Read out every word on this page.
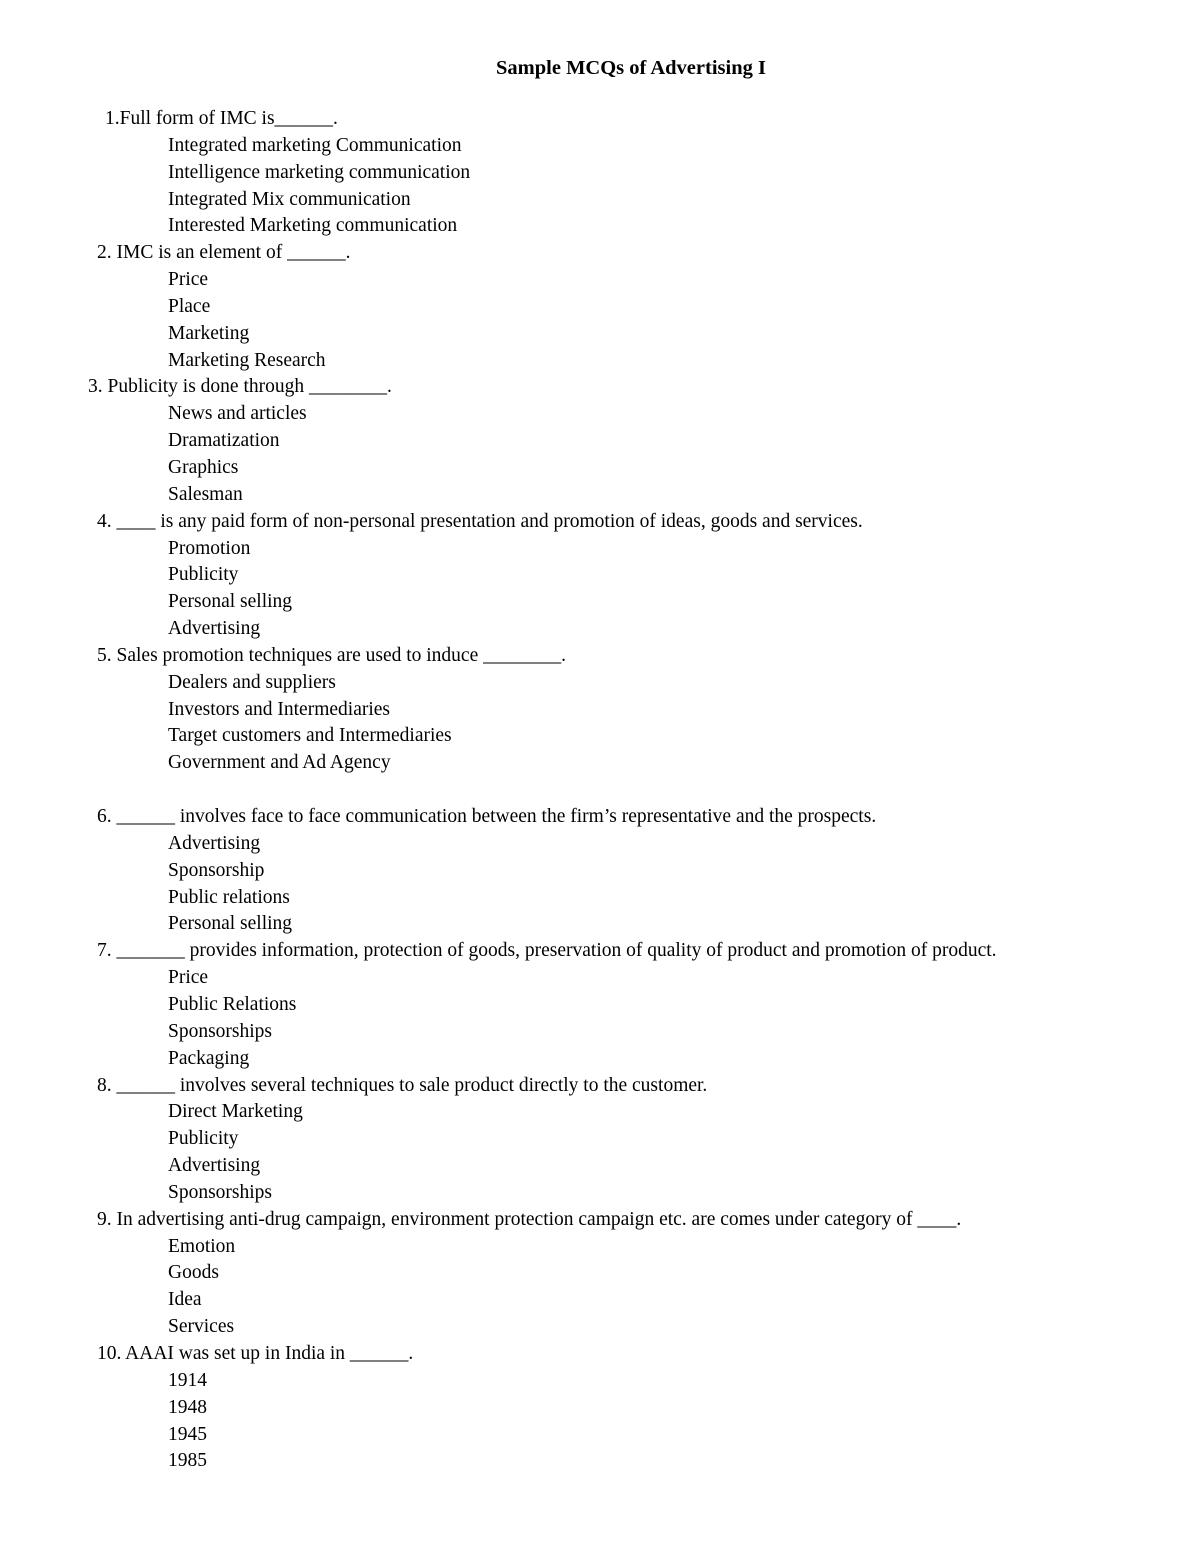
Sample MCQs of Advertising I
1.Full form of IMC is______.
Integrated marketing Communication
Intelligence marketing communication
Integrated Mix communication
Interested Marketing communication
2. IMC is an element of ______.
Price
Place
Marketing
Marketing Research
3. Publicity is done through ________.
News and articles
Dramatization
Graphics
Salesman
4. ____ is any paid form of non-personal presentation and promotion of ideas, goods and services.
Promotion
Publicity
Personal selling
Advertising
5. Sales promotion techniques are used to induce ________.
Dealers and suppliers
Investors and Intermediaries
Target customers and Intermediaries
Government and Ad Agency
6. ______ involves face to face communication between the firm’s representative and the prospects.
Advertising
Sponsorship
Public relations
Personal selling
7. _______ provides information, protection of goods, preservation of quality of product and promotion of product.
Price
Public Relations
Sponsorships
Packaging
8. ______ involves several techniques to sale product directly to the customer.
Direct Marketing
Publicity
Advertising
Sponsorships
9. In advertising anti-drug campaign, environment protection campaign etc. are comes under category of ____.
Emotion
Goods
Idea
Services
10. AAAI was set up in India in ______.
1914
1948
1945
1985
